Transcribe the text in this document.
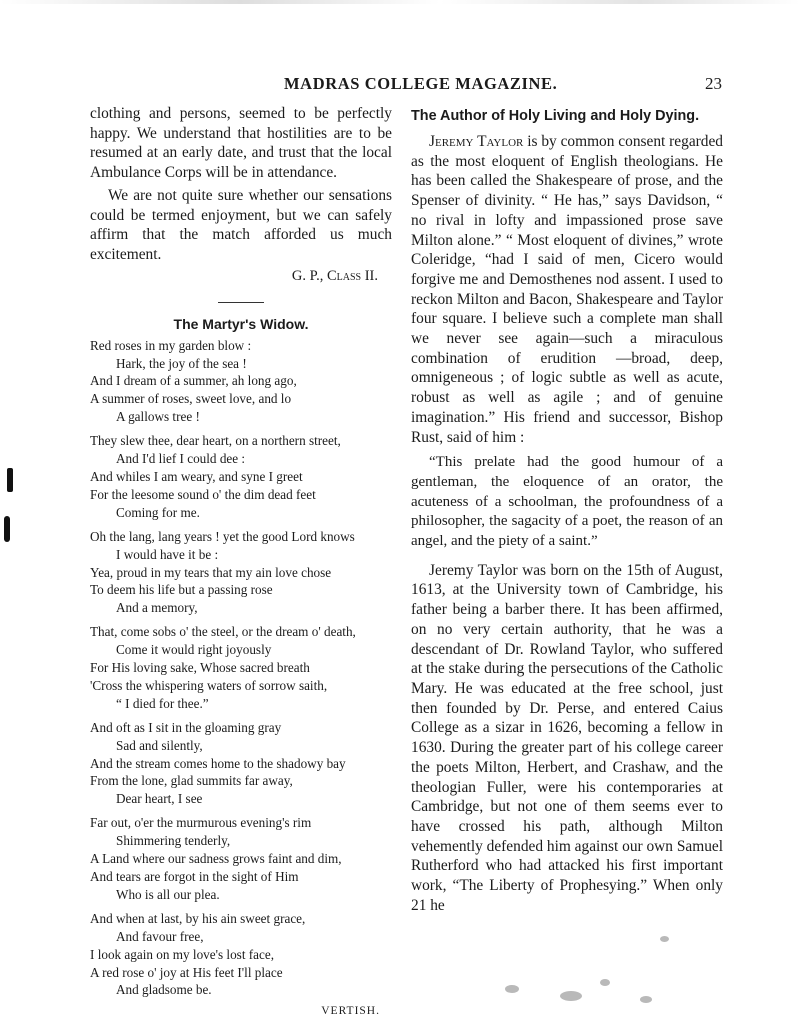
MADRAS COLLEGE MAGAZINE.	23

clothing and persons, seemed to be perfectly happy. We understand that hostilities are to be resumed at an early date, and trust that the local Ambulance Corps will be in attendance.

We are not quite sure whether our sensations could be termed enjoyment, but we can safely affirm that the match afforded us much excitement.

G. P., Class II.
The Martyr's Widow.
Red roses in my garden blow :
Hark, the joy of the sea !
And I dream of a summer, ah long ago,
A summer of roses, sweet love, and lo
A gallows tree !
They slew thee, dear heart, on a northern street,
And I'd lief I could dee :
And whiles I am weary, and syne I greet
For the leesome sound o' the dim dead feet
Coming for me.
Oh the lang, lang years ! yet the good Lord knows
I would have it be :
Yea, proud in my tears that my ain love chose
To deem his life but a passing rose
And a memory,
That, come sobs o' the steel, or the dream o' death,
Come it would right joyously
For His loving sake, Whose sacred breath
'Cross the whispering waters of sorrow saith,
“ I died for thee.”
And oft as I sit in the gloaming gray
Sad and silently,
And the stream comes home to the shadowy bay
From the lone, glad summits far away,
Dear heart, I see
Far out, o'er the murmurous evening's rim
Shimmering tenderly,
A Land where our sadness grows faint and dim,
And tears are forgot in the sight of Him
Who is all our plea.
And when at last, by his ain sweet grace,
And favour free,
I look again on my love's lost face,
A red rose o' joy at His feet I'll place
And gladsome be.
VERTISH.
The Author of Holy Living and Holy Dying.

Jeremy Taylor is by common consent regarded as the most eloquent of English theologians. He has been called the Shakespeare of prose, and the Spenser of divinity. “ He has,” says Davidson, “ no rival in lofty and impassioned prose save Milton alone.” “ Most eloquent of divines,” wrote Coleridge, “had I said of men, Cicero would forgive me and Demosthenes nod assent. I used to reckon Milton and Bacon, Shakespeare and Taylor four square. I believe such a complete man shall we never see again—such a miraculous combination of erudition —broad, deep, omnigeneous ; of logic subtle as well as acute, robust as well as agile ; and of genuine imagination.” His friend and successor, Bishop Rust, said of him :

“This prelate had the good humour of a gentleman, the eloquence of an orator, the acuteness of a schoolman, the profoundness of a philosopher, the sagacity of a poet, the reason of an angel, and the piety of a saint.”

Jeremy Taylor was born on the 15th of August, 1613, at the University town of Cambridge, his father being a barber there. It has been affirmed, on no very certain authority, that he was a descendant of Dr. Rowland Taylor, who suffered at the stake during the persecutions of the Catholic Mary. He was educated at the free school, just then founded by Dr. Perse, and entered Caius College as a sizar in 1626, becoming a fellow in 1630. During the greater part of his college career the poets Milton, Herbert, and Crashaw, and the theologian Fuller, were his contemporaries at Cambridge, but not one of them seems ever to have crossed his path, although Milton vehemently defended him against our own Samuel Rutherford who had attacked his first important work, “The Liberty of Prophesying.” When only 21 he
